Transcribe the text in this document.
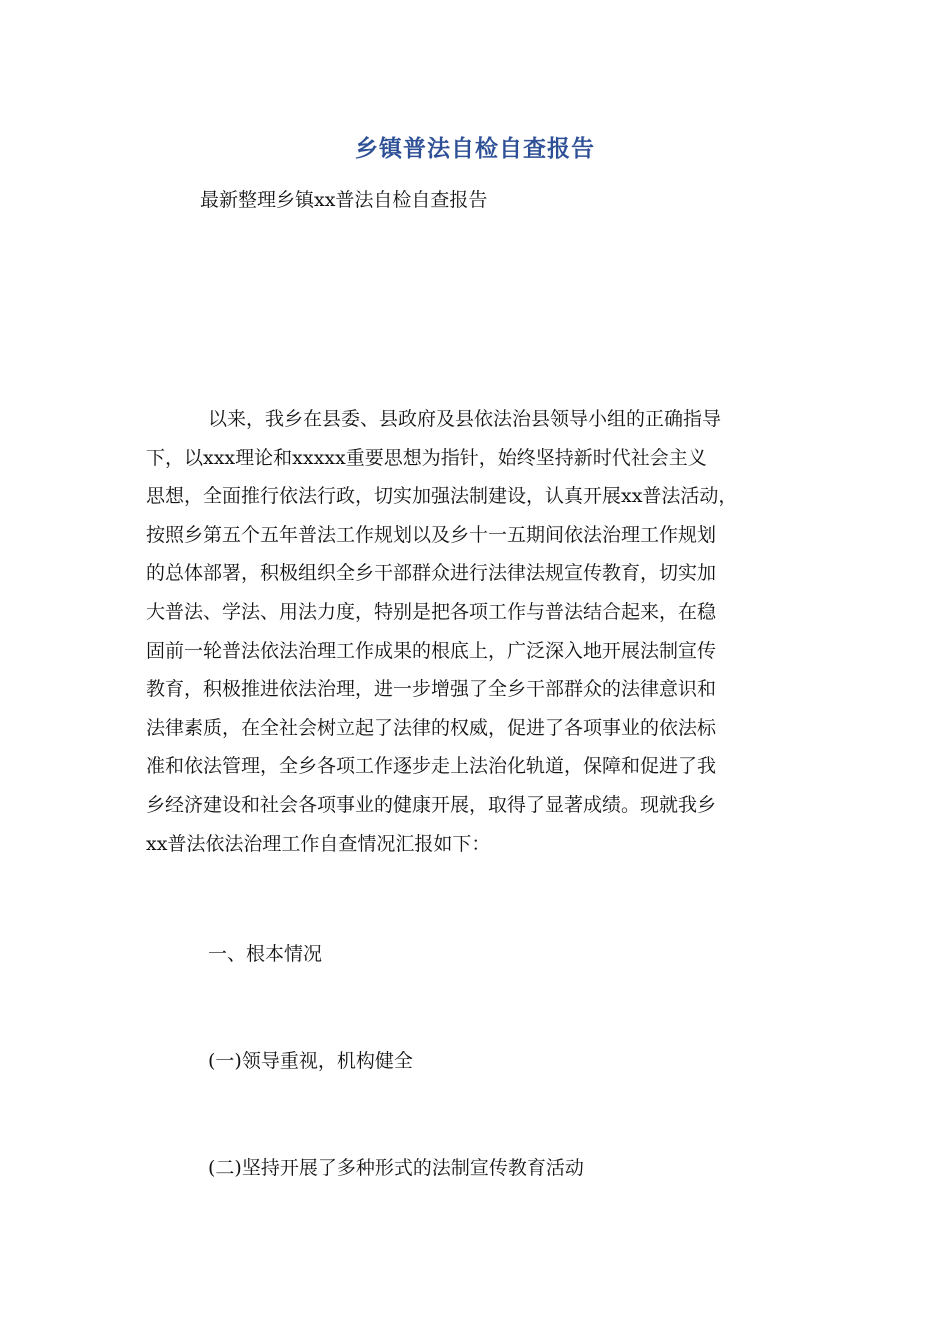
乡镇普法自检自查报告
最新整理乡镇xx普法自检自查报告
以来，我乡在县委、县政府及县依法治县领导小组的正确指导
下，以xxx理论和xxxxx重要思想为指针，始终坚持新时代社会主义
思想，全面推行依法行政，切实加强法制建设，认真开展xx普法活动，
按照乡第五个五年普法工作规划以及乡十一五期间依法治理工作规划
的总体部署，积极组织全乡干部群众进行法律法规宣传教育，切实加
大普法、学法、用法力度，特别是把各项工作与普法结合起来，在稳
固前一轮普法依法治理工作成果的根底上，广泛深入地开展法制宣传
教育，积极推进依法治理，进一步增强了全乡干部群众的法律意识和
法律素质，在全社会树立起了法律的权威，促进了各项事业的依法标
准和依法管理，全乡各项工作逐步走上法治化轨道，保障和促进了我
乡经济建设和社会各项事业的健康开展，取得了显著成绩。现就我乡
xx普法依法治理工作自查情况汇报如下：
一、根本情况
(一)领导重视，机构健全
(二)坚持开展了多种形式的法制宣传教育活动
